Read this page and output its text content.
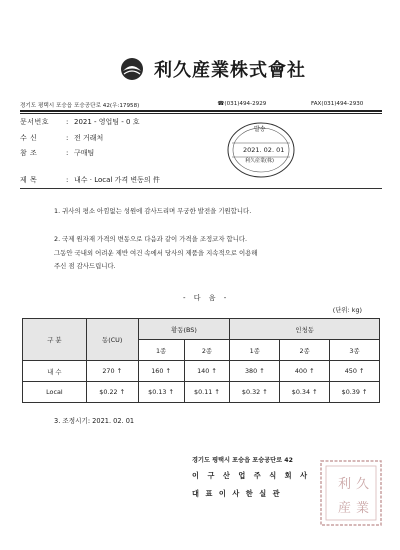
利久産業株式會社
경기도 평택시 포승읍 포승공단로 42(우:17958)	☎(031)494-2929	FAX(031)494-2930
문서번호	: 2021 - 영업팀 - 0 호
수 신	: 전 거래처
참 조	: 구매팀
제 목	: 내수 · Local 가격 변동의 件
발송
2021. 02. 01
利久産業(株)
1. 귀사의 평소 아낌없는 성원에 감사드리며 무궁한 발전을 기원합니다.
2. 국제 원자재 가격의 변동으로 다음과 같이 가격을 조정코자 합니다.
그동안 국내외 어려운 제반 여건 속에서 당사의 제품을 지속적으로 이용해
주신 점 감사드립니다.
- 다 음 -
(단위: kg)
구 분	동(CU)	황동(BS)		인청동		
		1종	2종	1종	2종	3종
내 수	270 ↑	160 ↑	140 ↑	380 ↑	400 ↑	450 ↑
Local	$0.22 ↑	$0.13 ↑	$0.11 ↑	$0.32 ↑	$0.34 ↑	$0.39 ↑
3. 조정시기: 2021. 02. 01
경기도 평택시 포승읍 포승공단로 42
이 구 산 업 주 식 회 사
대 표 이 사 한 실 관
利 久
産 業
